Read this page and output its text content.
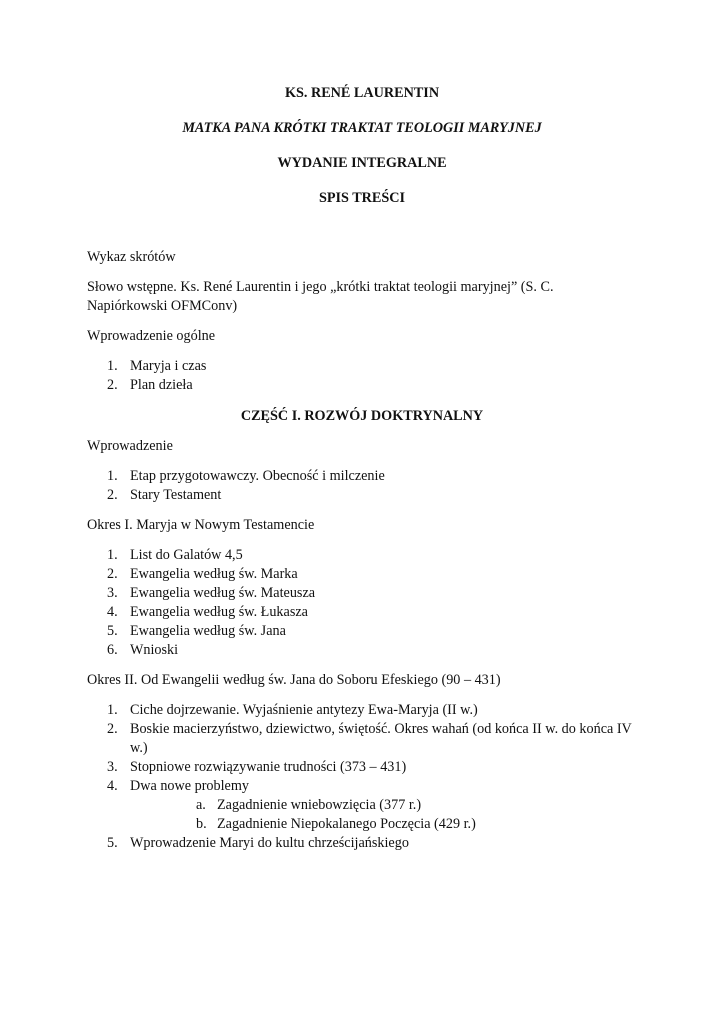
KS. RENÉ LAURENTIN
MATKA PANA KRÓTKI TRAKTAT TEOLOGII MARYJNEJ
WYDANIE INTEGRALNE
SPIS TREŚCI
Wykaz skrótów
Słowo wstępne. Ks. René Laurentin i jego „krótki traktat teologii maryjnej” (S. C. Napiórkowski OFMConv)
Wprowadzenie ogólne
1. Maryja i czas
2. Plan dzieła
CZĘŚĆ I. ROZWÓJ DOKTRYNALNY
Wprowadzenie
1. Etap przygotowawczy. Obecność i milczenie
2. Stary Testament
Okres I. Maryja w Nowym Testamencie
1. List do Galatów 4,5
2. Ewangelia według św. Marka
3. Ewangelia według św. Mateusza
4. Ewangelia według św. Łukasza
5. Ewangelia według św. Jana
6. Wnioski
Okres II. Od Ewangelii według św. Jana do Soboru Efeskiego (90 – 431)
1. Ciche dojrzewanie. Wyjaśnienie antytezy Ewa-Maryja (II w.)
2. Boskie macierzyństwo, dziewictwo, świętość. Okres wahań (od końca II w. do końca IV w.)
3. Stopniowe rozwiązywanie trudności (373 – 431)
4. Dwa nowe problemy
a. Zagadnienie wniebowzięcia (377 r.)
b. Zagadnienie Niepokalanego Poczęcia (429 r.)
5. Wprowadzenie Maryi do kultu chrześcijańskiego
